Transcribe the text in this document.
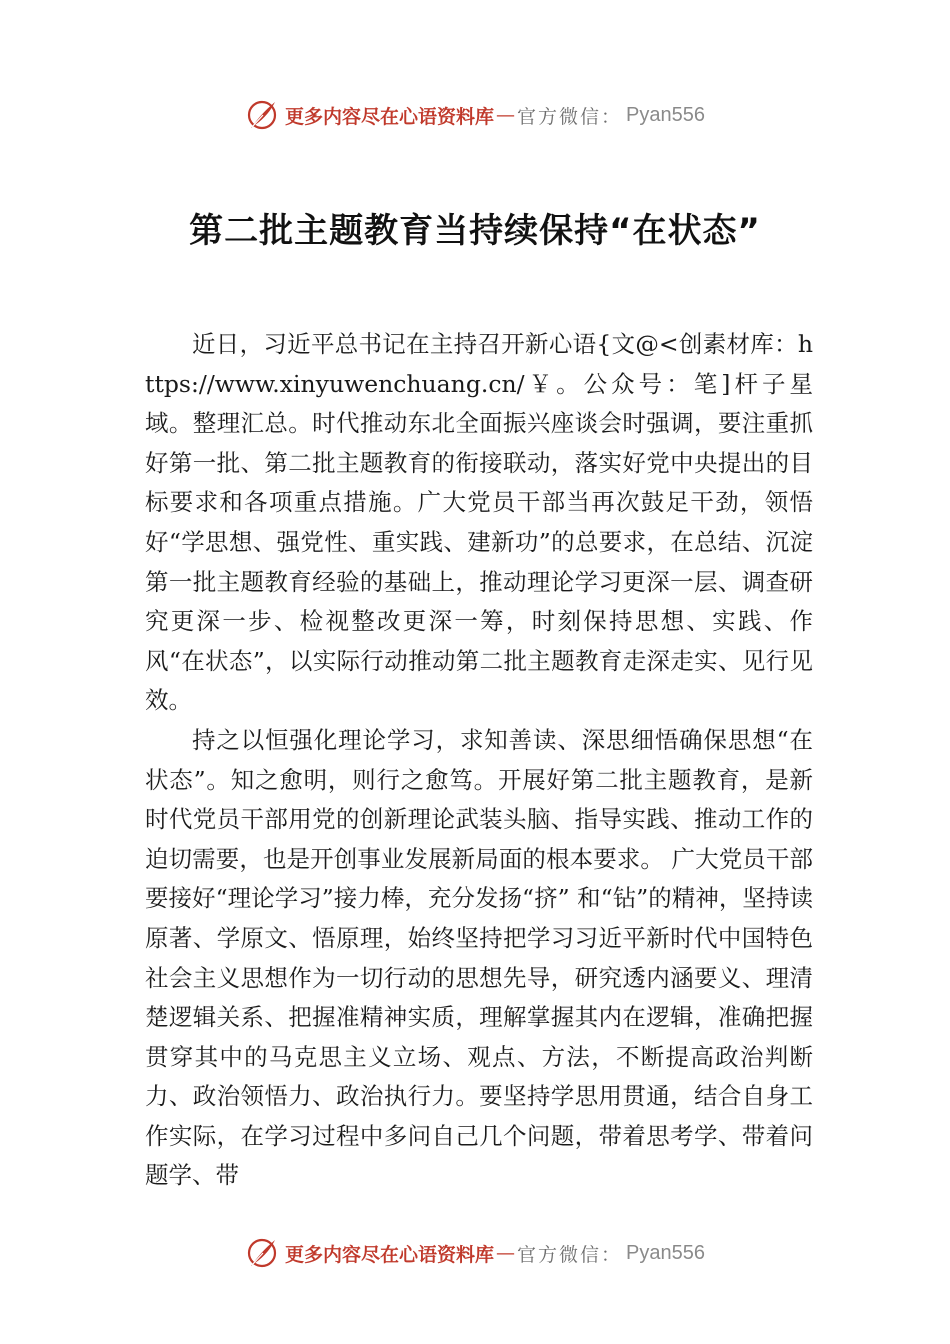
更多内容尽在心语资料库 — 官方微信： Pyan556
第二批主题教育当持续保持“在状态”

近日，习近平总书记在主持召开新心语{文@<创素材库：https://www.xinyuwenchuang.cn/￥。公众号：笔]杆子星域。整理汇总。时代推动东北全面振兴座谈会时强调，要注重抓好第一批、第二批主题教育的衔接联动，落实好党中央提出的目标要求和各项重点措施。广大党员干部当再次鼓足干劲，领悟好“学思想、强党性、重实践、建新功”的总要求，在总结、沉淀第一批主题教育经验的基础上，推动理论学习更深一层、调查研究更深一步、检视整改更深一筹，时刻保持思想、实践、作风“在状态”，以实际行动推动第二批主题教育走深走实、见行见效。

持之以恒强化理论学习，求知善读、深思细悟确保思想“在状态”。知之愈明，则行之愈笃。开展好第二批主题教育，是新时代党员干部用党的创新理论武装头脑、指导实践、推动工作的迫切需要，也是开创事业发展新局面的根本要求。 广大党员干部要接好“理论学习”接力棒，充分发扬“挤” 和“钻”的精神，坚持读原著、学原文、悟原理，始终坚持把学习习近平新时代中国特色社会主义思想作为一切行动的思想先导，研究透内涵要义、理清楚逻辑关系、把握准精神实质，理解掌握其内在逻辑，准确把握贯穿其中的马克思主义立场、观点、方法，不断提高政治判断力、政治领悟力、政治执行力。要坚持学思用贯通，结合自身工作实际，在学习过程中多问自己几个问题，带着思考学、带着问题学、带

更多内容尽在心语资料库 — 官方微信： Pyan556
